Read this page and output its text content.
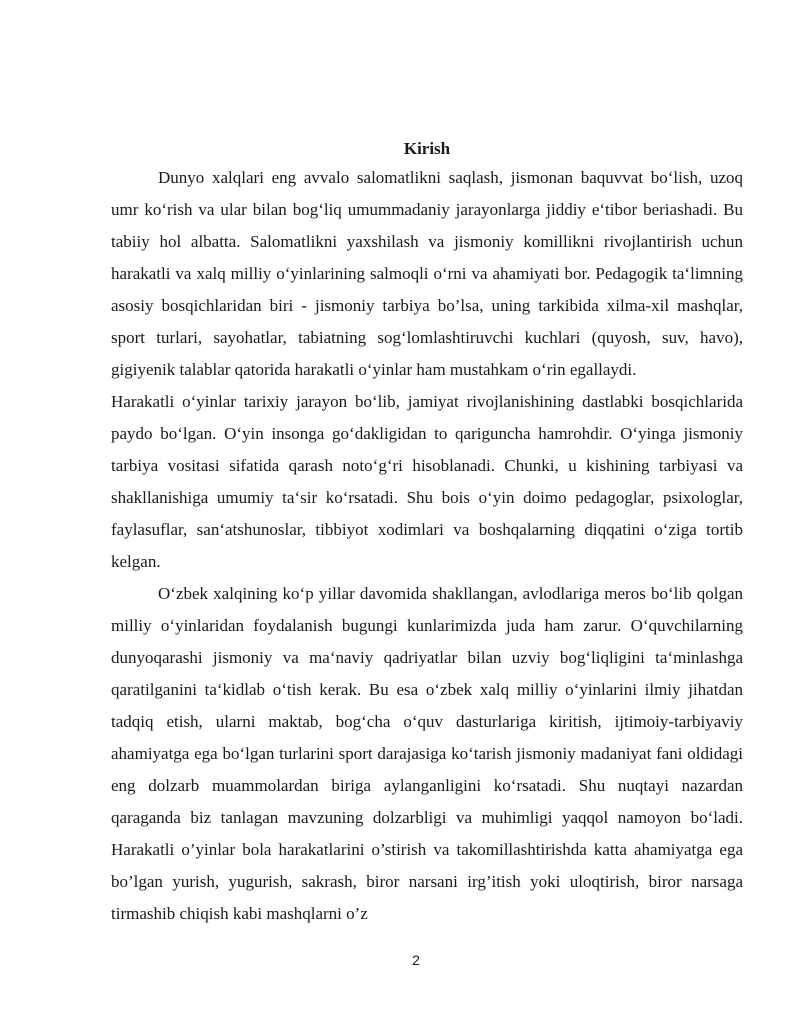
Kirish

Dunyo xalqlari eng avvalo salomatlikni saqlash, jismonan baquvvat bo‘lish, uzoq umr ko‘rish va ular bilan bog‘liq umummadaniy jarayonlarga jiddiy e‘tibor beriashadi. Bu tabiiy hol albatta. Salomatlikni yaxshilash va jismoniy komillikni rivojlantirish uchun harakatli va xalq milliy o‘yinlarining salmoqli o‘rni va ahamiyati bor. Pedagogik ta‘limning asosiy bosqichlaridan biri - jismoniy tarbiya bo’lsa, uning tarkibida xilma-xil mashqlar, sport turlari, sayohatlar, tabiatning sog‘lomlashtiruvchi kuchlari (quyosh, suv, havo), gigiyenik talablar qatorida harakatli o‘yinlar ham mustahkam o‘rin egallaydi.

Harakatli o‘yinlar tarixiy jarayon bo‘lib, jamiyat rivojlanishining dastlabki bosqichlarida paydo bo‘lgan. O‘yin insonga go‘dakligidan to qariguncha hamrohdir. O‘yinga jismoniy tarbiya vositasi sifatida qarash noto‘g‘ri hisoblanadi. Chunki, u kishining tarbiyasi va shakllanishiga umumiy ta‘sir ko‘rsatadi. Shu bois o‘yin doimo pedagoglar, psixologlar, faylasuflar, san‘atshunoslar, tibbiyot xodimlari va boshqalarning diqqatini o‘ziga tortib kelgan.

O‘zbek xalqining ko‘p yillar davomida shakllangan, avlodlariga meros bo‘lib qolgan milliy o‘yinlaridan foydalanish bugungi kunlarimizda juda ham zarur. O‘quvchilarning dunyoqarashi jismoniy va ma‘naviy qadriyatlar bilan uzviy bog‘liqligini ta‘minlashga qaratilganini ta‘kidlab o‘tish kerak. Bu esa o‘zbek xalq milliy o‘yinlarini ilmiy jihatdan tadqiq etish, ularni maktab, bog‘cha o‘quv dasturlariga kiritish, ijtimoiy-tarbiyaviy ahamiyatga ega bo‘lgan turlarini sport darajasiga ko‘tarish jismoniy madaniyat fani oldidagi eng dolzarb muammolardan biriga aylanganligini ko‘rsatadi. Shu nuqtayi nazardan qaraganda biz tanlagan mavzuning dolzarbligi va muhimligi yaqqol namoyon bo‘ladi. Harakatli o’yinlar bola harakatlarini o’stirish va takomillashtirishda katta ahamiyatga ega bo’lgan yurish, yugurish, sakrash, biror narsani irg’itish yoki uloqtirish, biror narsaga tirmashib chiqish kabi mashqlarni o’z

2
